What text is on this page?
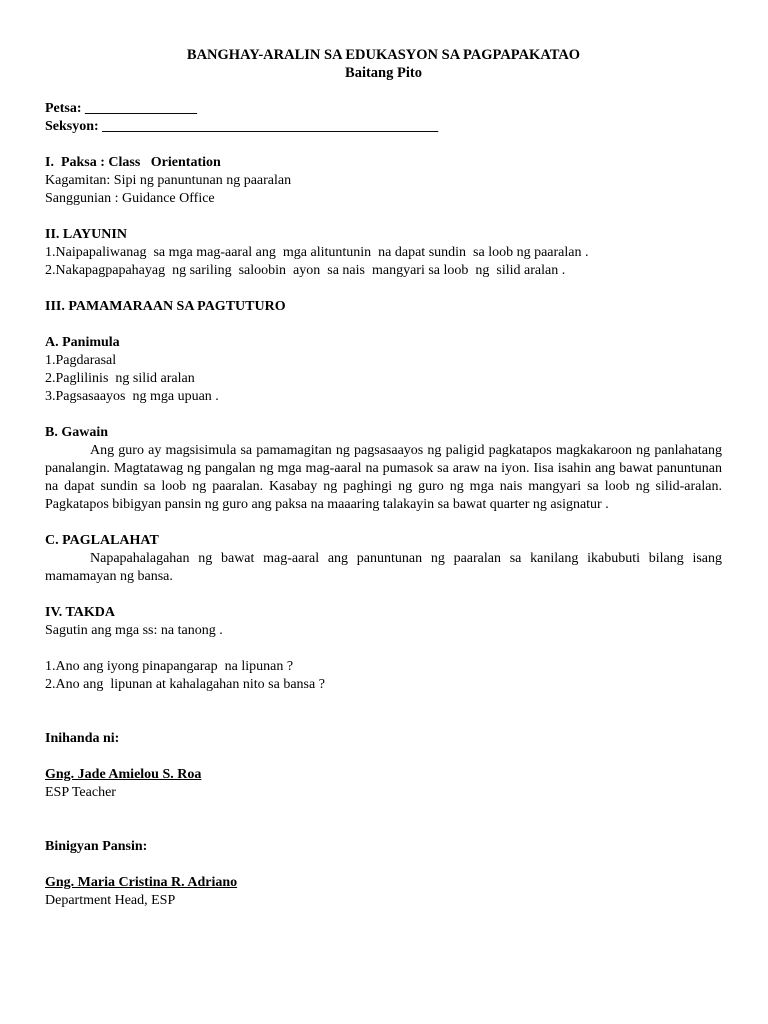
BANGHAY-ARALIN SA EDUKASYON SA PAGPAPAKATAO
Baitang Pito
Petsa: ________________
Seksyon: ________________________________________________
I.  Paksa : Class   Orientation
Kagamitan: Sipi ng panuntunan ng paaralan
Sanggunian : Guidance Office
II. LAYUNIN
1.Naipapaliwanag  sa mga mag-aaral ang  mga alituntunin  na dapat sundin  sa loob ng paaralan .
2.Nakapagpapahayag  ng sariling  saloobin  ayon  sa nais  mangyari sa loob  ng  silid aralan .
III. PAMAMARAAN SA PAGTUTURO
A. Panimula
1.Pagdarasal
2.Paglilinis  ng silid aralan
3.Pagsasaayos  ng mga upuan .
B. Gawain
Ang guro ay magsisimula sa pamamagitan ng pagsasaayos ng paligid pagkatapos magkakaroon ng panlahatang panalangin. Magtatawag ng pangalan ng mga mag-aaral na pumasok sa araw na iyon. Iisa isahin ang bawat panuntunan na dapat sundin sa loob ng paaralan. Kasabay ng paghingi ng guro ng mga nais mangyari sa loob ng silid-aralan. Pagkatapos bibigyan pansin ng guro ang paksa na maaaring talakayin sa bawat quarter ng asignatur .
C. PAGLALAHAT
Napapahalagahan ng bawat mag-aaral ang panuntunan ng paaralan sa kanilang ikabubuti bilang isang mamamayan ng bansa.
IV. TAKDA
Sagutin ang mga ss: na tanong .
1.Ano ang iyong pinapangarap  na lipunan ?
2.Ano ang  lipunan at kahalagahan nito sa bansa ?
Inihanda ni:
Gng. Jade Amielou S. Roa
ESP Teacher
Binigyan Pansin:
Gng. Maria Cristina R. Adriano
Department Head, ESP
